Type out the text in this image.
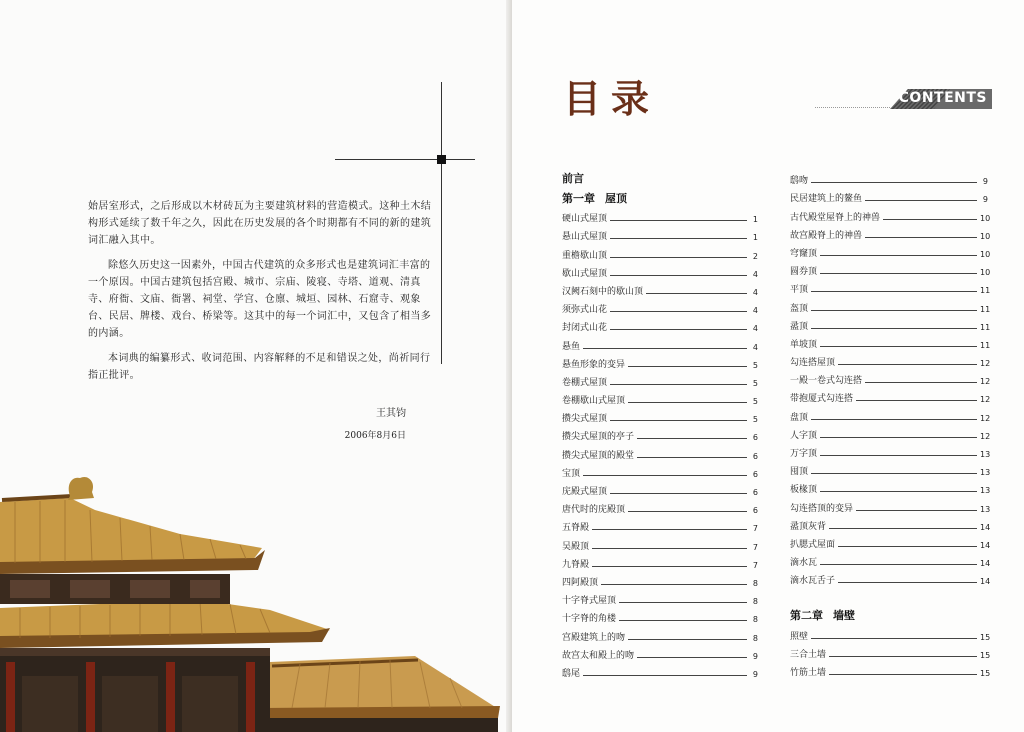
始居室形式，之后形成以木材砖瓦为主要建筑材料的营造模式。这种土木结构形式延续了数千年之久，因此在历史发展的各个时期都有不同的新的建筑词汇融入其中。

除悠久历史这一因素外，中国古代建筑的众多形式也是建筑词汇丰富的一个原因。中国古建筑包括宫殿、城市、宗庙、陵寝、寺塔、道观、清真寺、府衙、文庙、衙署、祠堂、学宫、仓廪、城垣、园林、石窟寺、观象台、民居、牌楼、戏台、桥梁等。这其中的每一个词汇中，又包含了相当多的内涵。

本词典的编纂形式、收词范围、内容解释的不足和错误之处，尚祈同行指正批评。

王其钧
2006年8月6日
目录	CONTENTS
前言
第一章 屋顶
硬山式屋顶	1
悬山式屋顶	1
重檐歇山顶	2
歇山式屋顶	4
汉阙石刻中的歇山顶	4
须弥式山花	4
封闭式山花	4
悬鱼	4
悬鱼形象的变异	5
卷棚式屋顶	5
卷棚歇山式屋顶	5
攒尖式屋顶	5
攒尖式屋顶的亭子	6
攒尖式屋顶的殿堂	6
宝顶	6
庑殿式屋顶	6
唐代时的庑殿顶	6
五脊殿	7
吴殿顶	7
九脊殿	7
四阿殿顶	8
十字脊式屋顶	8
十字脊的角楼	8
宫殿建筑上的吻	8
故宫太和殿上的吻	9
鸱尾	9
鸱吻	9
民居建筑上的鳌鱼	9
古代殿堂屋脊上的神兽	10
故宫殿脊上的神兽	10
穹窿顶	10
圆券顶	10
平顶	11
盔顶	11
盝顶	11
单坡顶	11
勾连搭屋顶	12
一殿一卷式勾连搭	12
带抱厦式勾连搭	12
盘顶	12
人字顶	12
万字顶	13
囤顶	13
板椽顶	13
勾连搭顶的变异	13
盝顶灰背	14
扒腮式屋面	14
滴水瓦	14
滴水瓦舌子	14
第二章 墙壁
照壁	15
三合土墙	15
竹筋土墙	15
